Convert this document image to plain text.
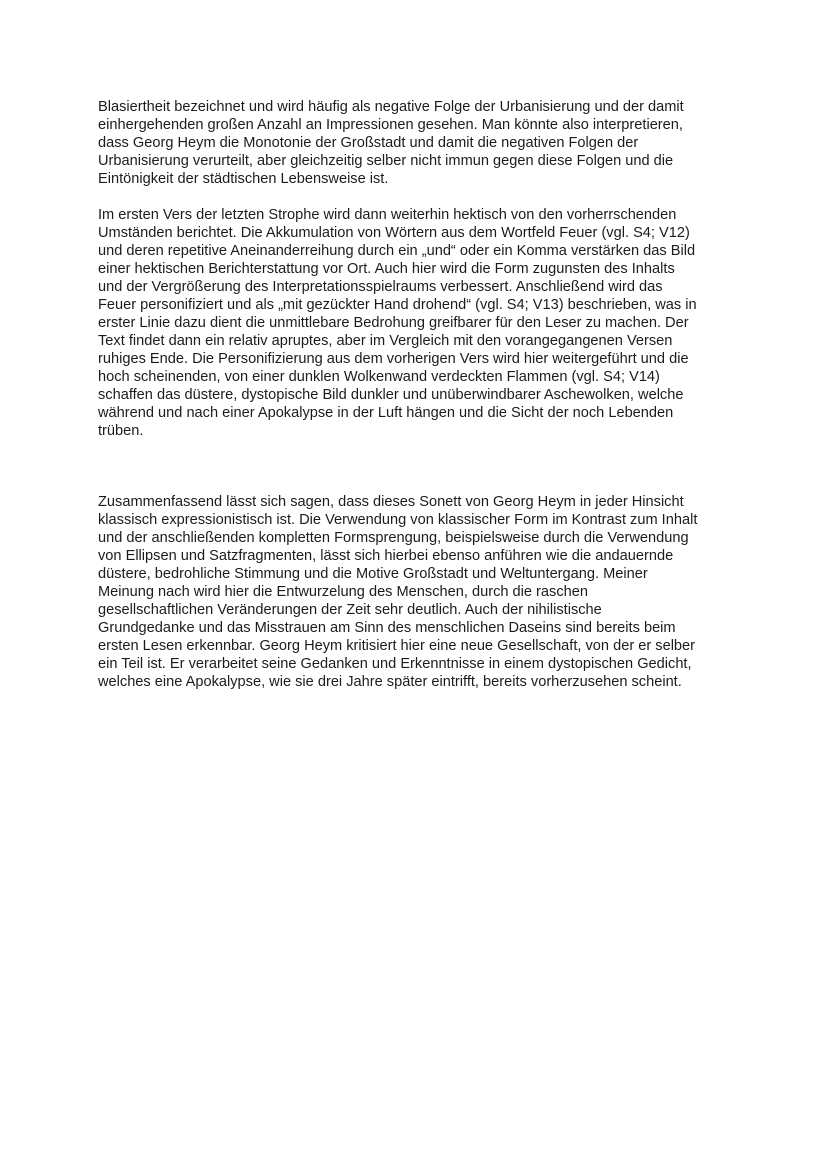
Blasiertheit bezeichnet und wird häufig als negative Folge der Urbanisierung und der damit
einhergehenden großen Anzahl an Impressionen gesehen. Man könnte also interpretieren,
dass Georg Heym die Monotonie der Großstadt und damit die negativen Folgen der
Urbanisierung verurteilt, aber gleichzeitig selber nicht immun gegen diese Folgen und die
Eintönigkeit der städtischen Lebensweise ist.

Im ersten Vers der letzten Strophe wird dann weiterhin hektisch von den vorherrschenden
Umständen berichtet. Die Akkumulation von Wörtern aus dem Wortfeld Feuer (vgl. S4; V12)
und deren repetitive Aneinanderreihung durch ein „und“ oder ein Komma verstärken das Bild
einer hektischen Berichterstattung vor Ort. Auch hier wird die Form zugunsten des Inhalts
und der Vergrößerung des Interpretationsspielraums verbessert. Anschließend wird das
Feuer personifiziert und als „mit gezückter Hand drohend“ (vgl. S4; V13) beschrieben, was in
erster Linie dazu dient die unmittlebare Bedrohung greifbarer für den Leser zu machen. Der
Text findet dann ein relativ apruptes, aber im Vergleich mit den vorangegangenen Versen
ruhiges Ende. Die Personifizierung aus dem vorherigen Vers wird hier weitergeführt und die
hoch scheinenden, von einer dunklen Wolkenwand verdeckten Flammen (vgl. S4; V14)
schaffen das düstere, dystopische Bild dunkler und unüberwindbarer Aschewolken, welche
während und nach einer Apokalypse in der Luft hängen und die Sicht der noch Lebenden
trüben.

Zusammenfassend lässt sich sagen, dass dieses Sonett von Georg Heym in jeder Hinsicht
klassisch expressionistisch ist. Die Verwendung von klassischer Form im Kontrast zum Inhalt
und der anschließenden kompletten Formsprengung, beispielsweise durch die Verwendung
von Ellipsen und Satzfragmenten, lässt sich hierbei ebenso anführen wie die andauernde
düstere, bedrohliche Stimmung und die Motive Großstadt und Weltuntergang. Meiner
Meinung nach wird hier die Entwurzelung des Menschen, durch die raschen
gesellschaftlichen Veränderungen der Zeit sehr deutlich. Auch der nihilistische
Grundgedanke und das Misstrauen am Sinn des menschlichen Daseins sind bereits beim
ersten Lesen erkennbar. Georg Heym kritisiert hier eine neue Gesellschaft, von der er selber
ein Teil ist. Er verarbeitet seine Gedanken und Erkenntnisse in einem dystopischen Gedicht,
welches eine Apokalypse, wie sie drei Jahre später eintrifft, bereits vorherzusehen scheint.
